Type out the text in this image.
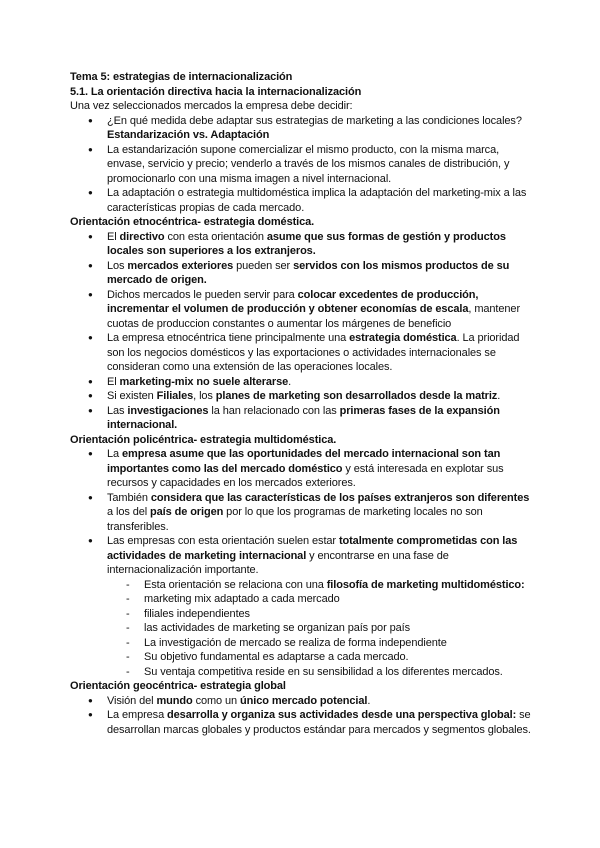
Tema 5: estrategias de internacionalización

5.1. La orientación directiva hacia la internacionalización

Una vez seleccionados mercados la empresa debe decidir:

● ¿En qué medida debe adaptar sus estrategias de marketing a las condiciones locales? Estandarización vs. Adaptación
● La estandarización supone comercializar el mismo producto, con la misma marca, envase, servicio y precio; venderlo a través de los mismos canales de distribución, y promocionarlo con una misma imagen a nivel internacional.
● La adaptación o estrategia multidoméstica implica la adaptación del marketing-mix a las características propias de cada mercado.

Orientación etnocéntrica- estrategia doméstica.

● El directivo con esta orientación asume que sus formas de gestión y productos locales son superiores a los extranjeros.
● Los mercados exteriores pueden ser servidos con los mismos productos de su mercado de origen.
● Dichos mercados le pueden servir para colocar excedentes de producción, incrementar el volumen de producción y obtener economías de escala, mantener cuotas de produccion constantes o aumentar los márgenes de beneficio
● La empresa etnocéntrica tiene principalmente una estrategia doméstica. La prioridad son los negocios domésticos y las exportaciones o actividades internacionales se consideran como una extensión de las operaciones locales.
● El marketing-mix no suele alterarse.
● Si existen Filiales, los planes de marketing son desarrollados desde la matriz.
● Las investigaciones la han relacionado con las primeras fases de la expansión internacional.

Orientación policéntrica- estrategia multidoméstica.

● La empresa asume que las oportunidades del mercado internacional son tan importantes como las del mercado doméstico y está interesada en explotar sus recursos y capacidades en los mercados exteriores.
● También considera que las características de los países extranjeros son diferentes a los del país de origen por lo que los programas de marketing locales no son transferibles.
● Las empresas con esta orientación suelen estar totalmente comprometidas con las actividades de marketing internacional y encontrarse en una fase de internacionalización importante.
- Esta orientación se relaciona con una filosofía de marketing multidoméstico:
- marketing mix adaptado a cada mercado
- filiales independientes
- las actividades de marketing se organizan país por país
- La investigación de mercado se realiza de forma independiente
- Su objetivo fundamental es adaptarse a cada mercado.
- Su ventaja competitiva reside en su sensibilidad a los diferentes mercados.

Orientación geocéntrica- estrategia global

● Visión del mundo como un único mercado potencial.
● La empresa desarrolla y organiza sus actividades desde una perspectiva global: se desarrollan marcas globales y productos estándar para mercados y segmentos globales.
